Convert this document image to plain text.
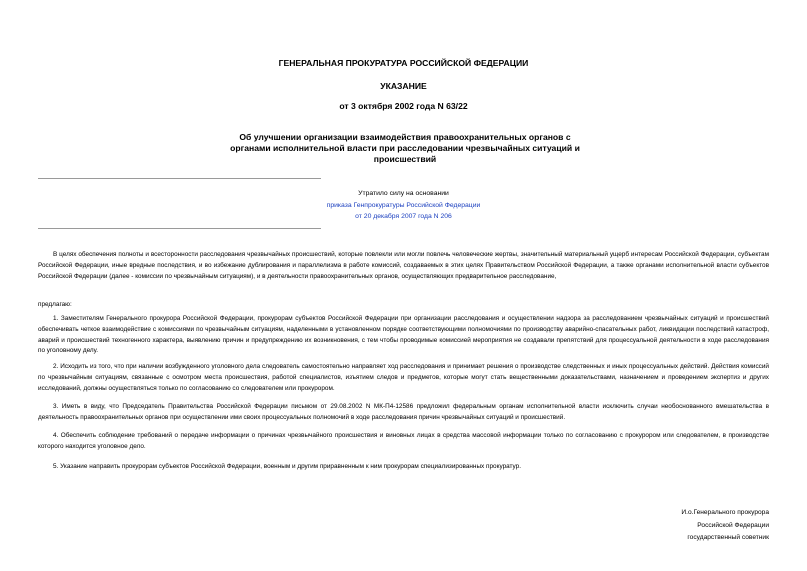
ГЕНЕРАЛЬНАЯ ПРОКУРАТУРА РОССИЙСКОЙ ФЕДЕРАЦИИ
УКАЗАНИЕ
от 3 октября 2002 года N 63/22
Об улучшении организации взаимодействия правоохранительных органов с органами исполнительной власти при расследовании чрезвычайных ситуаций и происшествий
Утратило силу на основании
приказа Генпрокуратуры Российской Федерации
от 20 декабря 2007 года N 206
В целях обеспечения полноты и всесторонности расследования чрезвычайных происшествий, которые повлекли или могли повлечь человеческие жертвы, значительный материальный ущерб интересам Российской Федерации, субъектам Российской Федерации, иные вредные последствия, и во избежание дублирования и параллелизма в работе комиссий, создаваемых в этих целях Правительством Российской Федерации, а также органами исполнительной власти субъектов Российской Федерации (далее - комиссии по чрезвычайным ситуациям), и в деятельности правоохранительных органов, осуществляющих предварительное расследование,
предлагаю:
1. Заместителям Генерального прокурора Российской Федерации, прокурорам субъектов Российской Федерации при организации расследования и осуществлении надзора за расследованием чрезвычайных ситуаций и происшествий обеспечивать четкое взаимодействие с комиссиями по чрезвычайным ситуациям, наделенными в установленном порядке соответствующими полномочиями по производству аварийно-спасательных работ, ликвидации последствий катастроф, аварий и происшествий техногенного характера, выявлению причин и предупреждению их возникновения, с тем чтобы проводимые комиссией мероприятия не создавали препятствий для процессуальной деятельности в ходе расследования по уголовному делу.
2. Исходить из того, что при наличии возбужденного уголовного дела следователь самостоятельно направляет ход расследования и принимает решения о производстве следственных и иных процессуальных действий. Действия комиссий по чрезвычайным ситуациям, связанные с осмотром места происшествия, работой специалистов, изъятием следов и предметов, которые могут стать вещественными доказательствами, назначением и проведением экспертиз и других исследований, должны осуществляться только по согласованию со следователем или прокурором.
3. Иметь в виду, что Председатель Правительства Российской Федерации письмом от 29.08.2002 N МК-П4-12586 предложил федеральным органам исполнительной власти исключить случаи необоснованного вмешательства в деятельность правоохранительных органов при осуществлении ими своих процессуальных полномочий в ходе расследования причин чрезвычайных ситуаций и происшествий.
4. Обеспечить соблюдение требований о передаче информации о причинах чрезвычайного происшествия и виновных лицах в средства массовой информации только по согласованию с прокурором или следователем, в производстве которого находится уголовное дело.
5. Указание направить прокурорам субъектов Российской Федерации, военным и другим приравненным к ним прокурорам специализированных прокуратур.
И.о.Генерального прокурора
Российской Федерации
государственный советник
